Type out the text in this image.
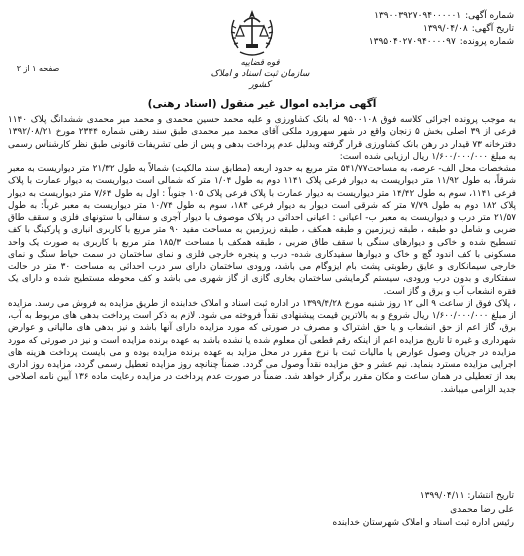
شماره آگهی:
۱۳۹۰۰۳۹۲۷۰۹۴۰۰۰۰۰۱
تاریخ آگهی:
۱۳۹۹/۰۴/۰۸
شماره پرونده:
۱۳۹۵۰۴۰۲۷۰۹۴۰۰۰۰۹۷
قوه قضاییه
سازمان ثبت اسناد و املاک کشور
صفحه ۱ از ۲
آگهی مزایده اموال غیر منقول (اسناد رهنی)

به موجب پرونده اجرائی کلاسه فوق ۹۵۰۰۱۰۸ له بانک کشاورزی و علیه محمد حسین محمدی و محمد میر محمدی ششدانگ پلاک ۱۱۴۰ فرعی از ۳۹ اصلی بخش ۵ زنجان واقع در شهر سهرورد ملکی آقای محمد میر محمدی طبق سند رهنی شماره ۲۳۴۴ مورخ ۱۳۹۲/۰۸/۲۱ دفترخانه ۷۳ قیدار در رهن بانک کشاورزی قرار گرفته وبدلیل عدم پرداخت بدهی و پس از طی تشریفات قانونی طبق نظر کارشناس رسمی به مبلغ ۱/۶۰۰/۰۰۰/۰۰۰ ریال ارزیابی شده است:

مشخصات محل الف- عرصه، به مساحت۵۴۱/۷۷ متر مربع به حدود اربعه (مطابق سند مالکیت) شمالاً به طول ۲۱/۳۲ متر دیواریست به معبر شرقاً، به طول ۱۱/۹۲ متر دیواریست به دیوار فرعی پلاک ۱۱۴۱ دوم به طول ۱/۰۴ متر که شمالی است دیواریست به دیوار عمارت با پلاک فرعی ۱۱۴۱، سوم به طول ۱۴/۴۲ متر دیواریست به دیوار عمارت با پلاک فرعی پلاک ۱۰۵ جنوباً : اول به طول ۷/۶۴ متر دیواریست به دیوار پلاک ۱۸۲ دوم به طول ۷/۷۹ متر که شرقی است دیوار به دیوار فرعی ۱۸۴، سوم به طول ۱۰/۷۴ متر دیواریست به معبر غرباً: به طول ۲۱/۵۷ متر درب و دیواریست به معبر ب- اعیانی : اعیانی احداثی در پلاک موصوف با دیوار آجری و سفالی با ستونهای فلزی و سقف طاق ضربی و شامل دو طبقه ، طبقه زیرزمین و طبقه همکف ، طبقه زیرزمین به مساحت مفید ۹۰ متر مربع با کاربری انباری و پارکینگ با کف تسطیح شده و خاکی و دیوارهای سنگی با سقف طاق ضربی ، طبقه همکف با مساحت ۱۸۵/۳ متر مربع با کاربری به صورت یک واحد مسکونی با کف اندود گچ و خاک و دیوارها سفیدکاری شده- درب و پنجره خارجی فلزی و نمای ساختمان در سمت حیاط سنگ و نمای خارجی سیمانکاری و عایق رطوبتی پشت بام ایزوگام می باشد، ورودی ساختمان دارای سر درب احداثی به مساحت ۳۰ متر در حالت سفتکاری و بدون درب ورودی، سیستم گرمایشی ساختمان بخاری گازی از گاز شهری می باشد و کف محوطه مستطیح شده و دارای یک فقره انشعاب آب و برق و گاز است.

، پلاک فوق از ساعت ۹ الی ۱۲ روز شنبه مورخ ۱۳۹۹/۴/۲۸ در اداره ثبت اسناد و املاک خدابنده از طریق مزایده به فروش می رسد. مزایده از مبلغ ۱/۶۰۰/۰۰۰/۰۰۰ ریال شروع و به بالاترین قیمت پیشنهادی نقداً فروخته می شود. لازم به ذکر است پرداخت بدهی های مربوط به آب، برق، گاز اعم از حق انشعاب و یا حق اشتراک و مصرف در صورتی که مورد مزایده دارای آنها باشد و نیز بدهی های مالیاتی و عوارض شهرداری و غیره تا تاریخ مزایده اعم از اینکه رقم قطعی آن معلوم شده یا نشده باشد به عهده برنده مزایده است و نیز در صورتی که مورد مزایده در جریان وصول عوارض یا مالیات ثبت با نرخ مقرر در محل مزاید به عهده برنده مزایده بوده و می بایست پرداخت هزینه های اجرایی مزایده مسترد بنماید. نیم عشر و حق مزایده نقداً وصول می گردد. ضمناً چنانچه روز مزایده تعطیل رسمی گردد، مزایده روز اداری بعد از تعطیلی در همان ساعت و مکان مقرر برگزار خواهد شد. ضمناً در صورت عدم پرداخت در مزایده رعایت ماده ۱۳۶ آیین نامه اصلاحی جدید الزامی میباشد.

تاریخ انتشار: ۱۳۹۹/۰۴/۱۱
علی رضا محمدی
رئیس اداره ثبت اسناد و املاک شهرستان خدابنده
